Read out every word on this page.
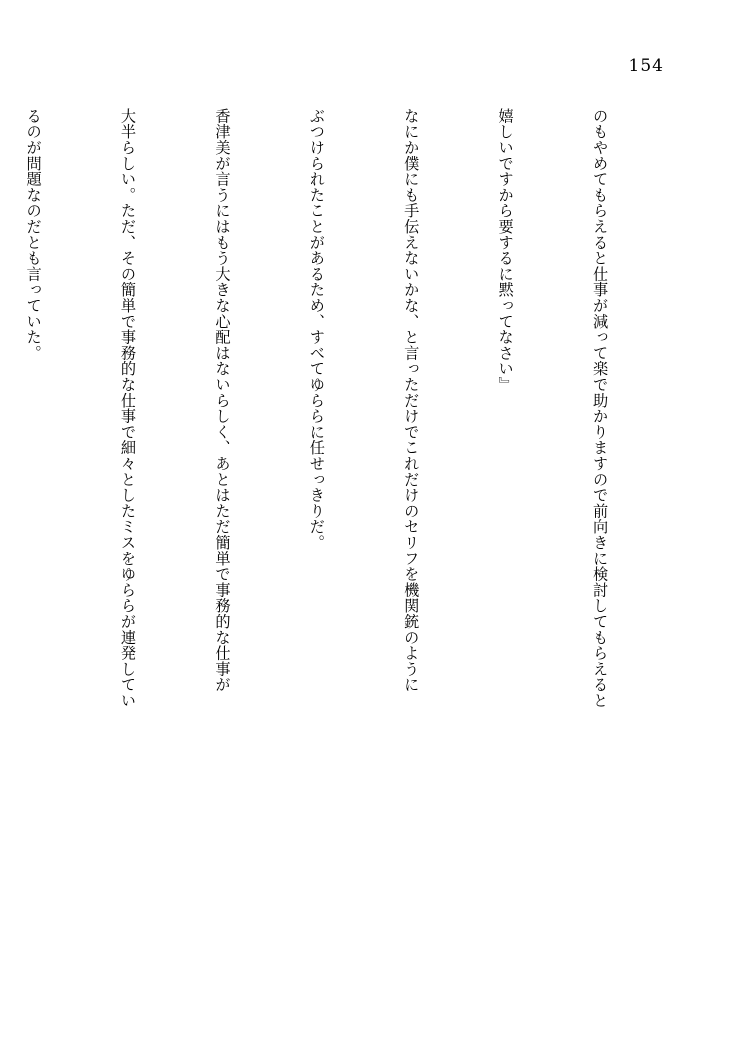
154

のもやめてもらえると仕事が減って楽で助かりますので前向きに検討してもらえると

嬉しいですから要するに黙ってなさい』

なにか僕にも手伝えないかな、と言っただけでこれだけのセリフを機関銃のように

ぶつけられたことがあるため、すべてゆららに任せっきりだ。

香津美が言うにはもう大きな心配はないらしく、あとはただ簡単で事務的な仕事が

大半らしい。ただ、その簡単で事務的な仕事で細々としたミスをゆららが連発してい

るのが問題なのだとも言っていた。
